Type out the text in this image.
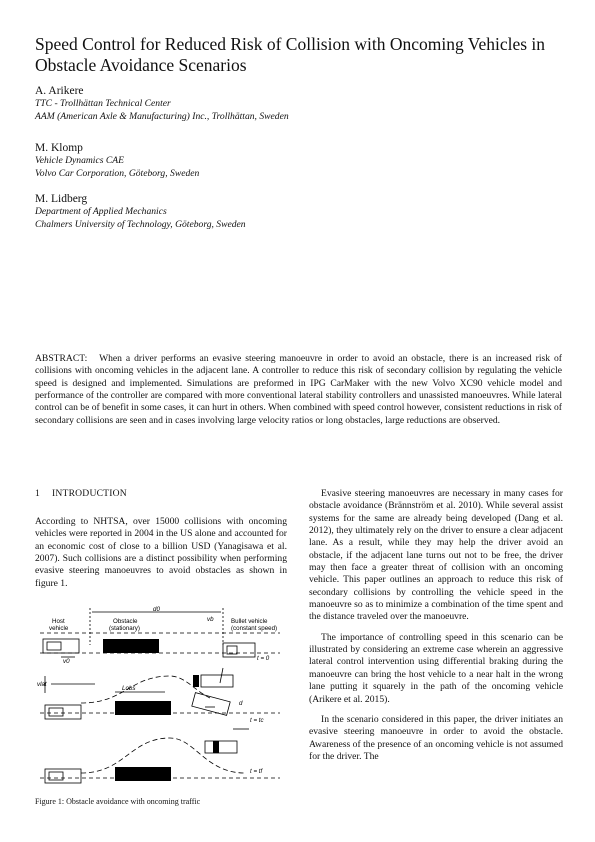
Speed Control for Reduced Risk of Collision with Oncoming Vehicles in Obstacle Avoidance Scenarios
A. Arikere
TTC - Trollhättan Technical Center
AAM (American Axle & Manufacturing) Inc., Trollhättan, Sweden
M. Klomp
Vehicle Dynamics CAE
Volvo Car Corporation, Göteborg, Sweden
M. Lidberg
Department of Applied Mechanics
Chalmers University of Technology, Göteborg, Sweden
ABSTRACT: When a driver performs an evasive steering manoeuvre in order to avoid an obstacle, there is an increased risk of collisions with oncoming vehicles in the adjacent lane. A controller to reduce this risk of secondary collision by regulating the vehicle speed is designed and implemented. Simulations are preformed in IPG CarMaker with the new Volvo XC90 vehicle model and performance of the controller are compared with more conventional lateral stability controllers and unassisted manoeuvres. While lateral control can be of benefit in some cases, it can hurt in others. When combined with speed control however, consistent reductions in risk of secondary collisions are seen and in cases involving large velocity ratios or long obstacles, large reductions are observed.
1 INTRODUCTION

According to NHTSA, over 15000 collisions with oncoming vehicles were reported in 2004 in the US alone and accounted for an economic cost of close to a billion USD (Yanagisawa et al. 2007). Such collisions are a distinct possibility when performing evasive steering manoeuvres to avoid obstacles as shown in figure 1.

Host
vehicle
Obstacle
(stationary)
Bullet vehicle
(constant speed)
d0
vb
v0	t = 0
vlat
Lobs
d
t = tc
t = tf
Figure 1: Obstacle avoidance with oncoming traffic

Evasive steering manoeuvres are necessary in many cases for obstacle avoidance (Brännström et al. 2010). While several assist systems for the same are already being developed (Dang et al. 2012), they ultimately rely on the driver to ensure a clear adjacent lane. As a result, while they may help the driver avoid an obstacle, if the adjacent lane turns out not to be free, the driver may then face a greater threat of collision with an oncoming vehicle. This paper outlines an approach to reduce this risk of secondary collisions by controlling the vehicle speed in the manoeuvre so as to minimize a combination of the time spent and the distance traveled over the manoeuvre.

The importance of controlling speed in this scenario can be illustrated by considering an extreme case wherein an aggressive lateral control intervention using differential braking during the manoeuvre can bring the host vehicle to a near halt in the wrong lane putting it squarely in the path of the oncoming vehicle (Arikere et al. 2015).

In the scenario considered in this paper, the driver initiates an evasive steering manoeuvre in order to avoid the obstacle. Awareness of the presence of an oncoming vehicle is not assumed for the driver. The
